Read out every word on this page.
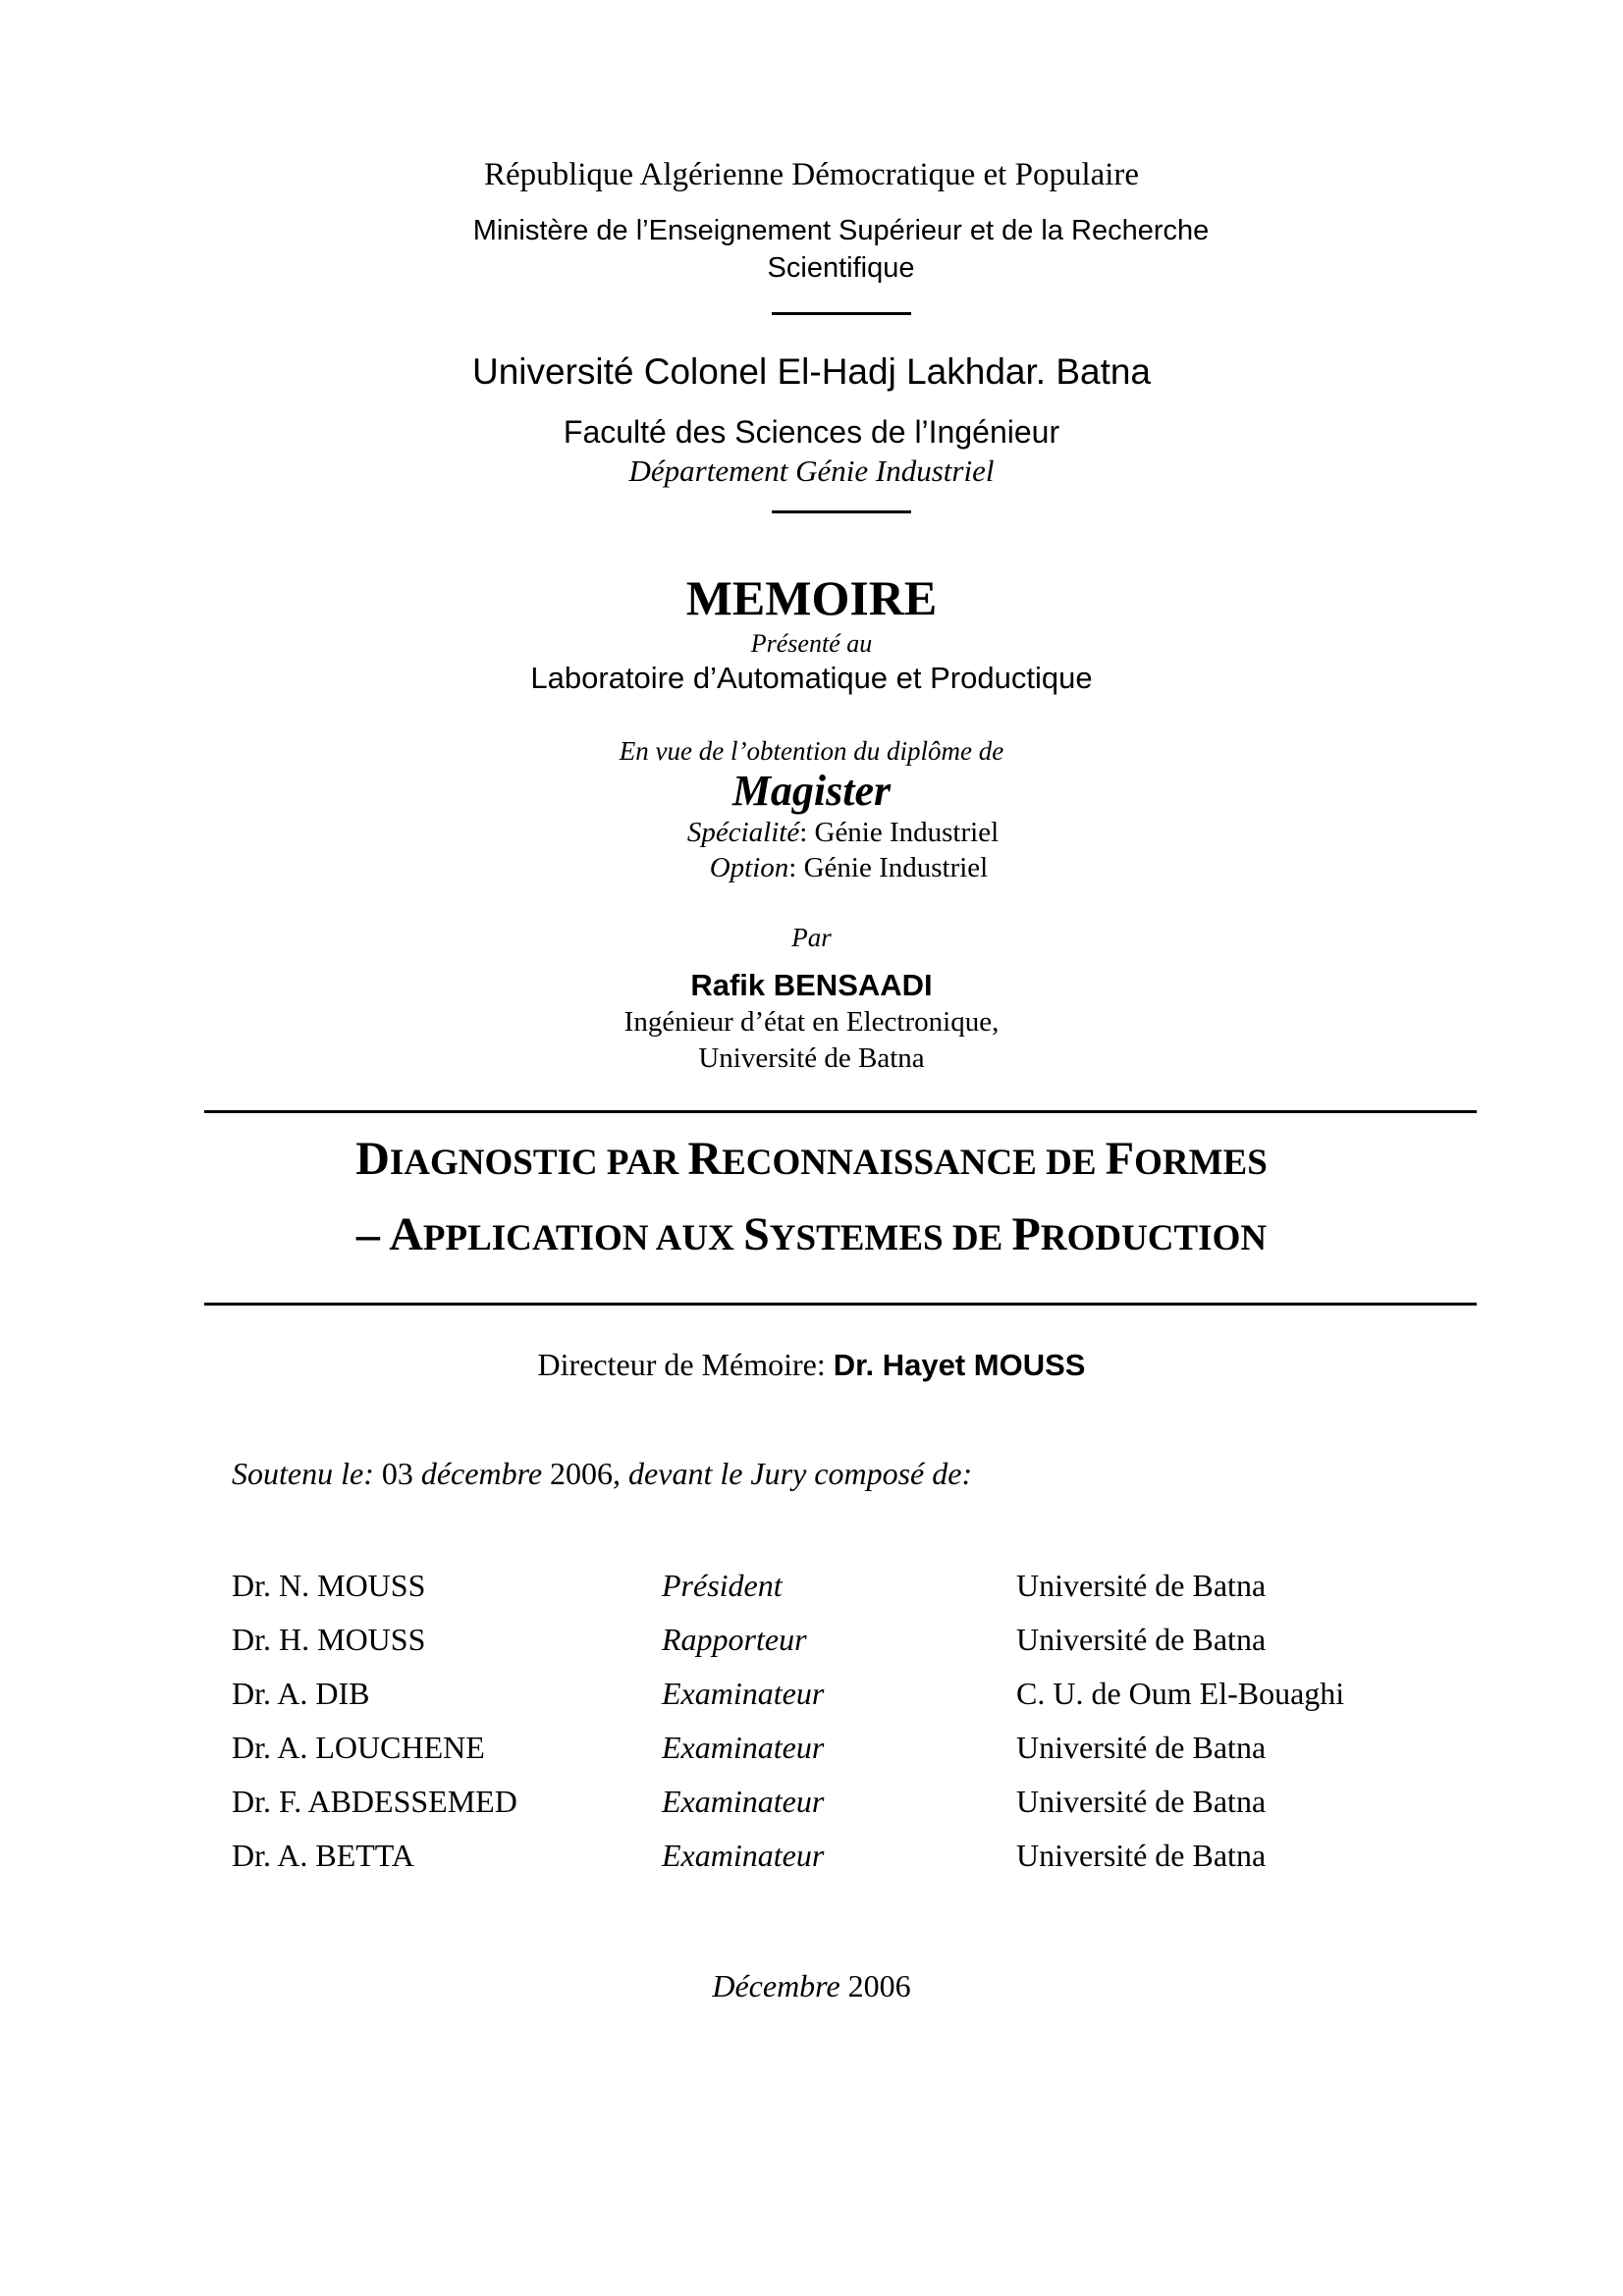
République Algérienne Démocratique et Populaire
Ministère de l’Enseignement Supérieur et de la Recherche
Scientifique
Université Colonel El-Hadj Lakhdar. Batna
Faculté des Sciences de l’Ingénieur
Département Génie Industriel
MEMOIRE
Présenté au
Laboratoire d’Automatique et Productique
En vue de l’obtention du diplôme de
Magister
Spécialité: Génie Industriel
Option: Génie Industriel
Par
Rafik BENSAADI
Ingénieur d’état en Electronique,
Université de Batna
DIAGNOSTIC PAR RECONNAISSANCE DE FORMES
– APPLICATION AUX SYSTEMES DE PRODUCTION
Directeur de Mémoire: Dr. Hayet MOUSS
Soutenu le: 03 décembre 2006, devant le Jury composé de:
Dr. N. MOUSS	Président	Université de Batna
Dr. H. MOUSS	Rapporteur	Université de Batna
Dr. A. DIB	Examinateur	C. U. de Oum El-Bouaghi
Dr. A. LOUCHENE	Examinateur	Université de Batna
Dr. F. ABDESSEMED	Examinateur	Université de Batna
Dr. A. BETTA	Examinateur	Université de Batna
Décembre 2006
